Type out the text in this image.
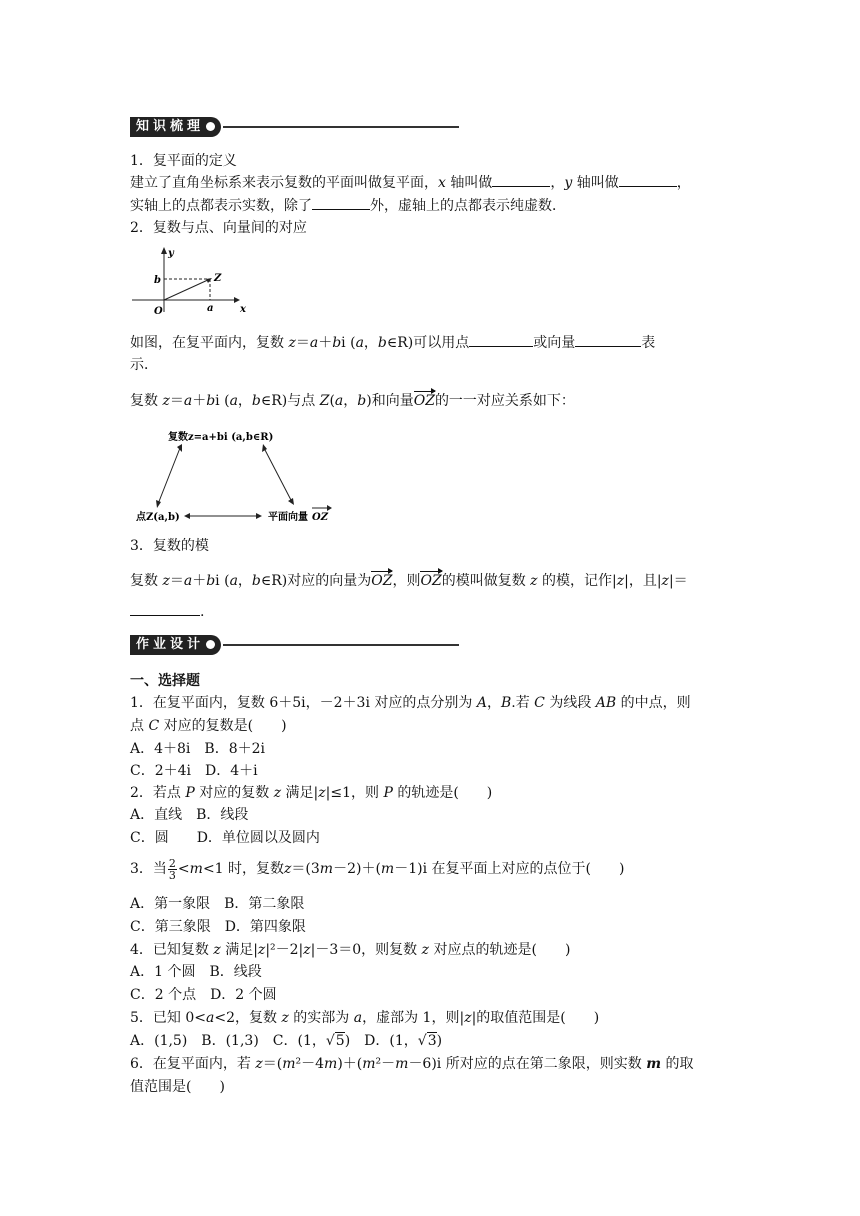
知识梳理
1．复平面的定义
建立了直角坐标系来表示复数的平面叫做复平面，x 轴叫做	，y 轴叫做	，
实轴上的点都表示实数，除了	外，虚轴上的点都表示纯虚数．
2．复数与点、向量间的对应
y
x
b	Z
O	a
如图，在复平面内，复数 z＝a＋bi (a，b∈R)可以用点	或向量	表
示．
复数 z＝a＋bi (a，b∈R)与点 Z(a，b)和向量OZ的一一对应关系如下：
复数z=a+bi (a,b∈R)
点Z(a,b)	平面向量 OZ
3．复数的模
复数 z＝a＋bi (a，b∈R)对应的向量为OZ，则OZ的模叫做复数 z 的模，记作|z|，且|z|＝
.
作业设计
一、选择题
1．在复平面内，复数 6＋5i，－2＋3i 对应的点分别为 A，B.若 C 为线段 AB 的中点，则
点 C 对应的复数是(　　)
A．4＋8i　B．8＋2i
C．2＋4i　D．4＋i
2．若点 P 对应的复数 z 满足|z|≤1，则 P 的轨迹是(　　)
A．直线　B．线段
C．圆　　D．单位圆以及圆内
3．当 $\frac{2}{3} < m <1$ 时，复数 z ＝(3 m －2)＋( m －1)i 在复平面上对应的点位于(　　)
A．第一象限　B．第二象限
C．第三象限　D．第四象限
4．已知复数 z 满足|z|²－2|z|－3＝0，则复数 z 对应点的轨迹是(　　)
A．1 个圆　B．线段
C．2 个点　D．2 个圆
5．已知 0<a<2，复数 z 的实部为 a，虚部为 1，则|z|的取值范围是(　　)
A．(1,5)　B．(1,3)　C．(1，√5)　D．(1，√3)
6．在复平面内，若 z＝(m²－4m)＋(m²－m－6)i 所对应的点在第二象限，则实数 m 的取
值范围是(　　)
